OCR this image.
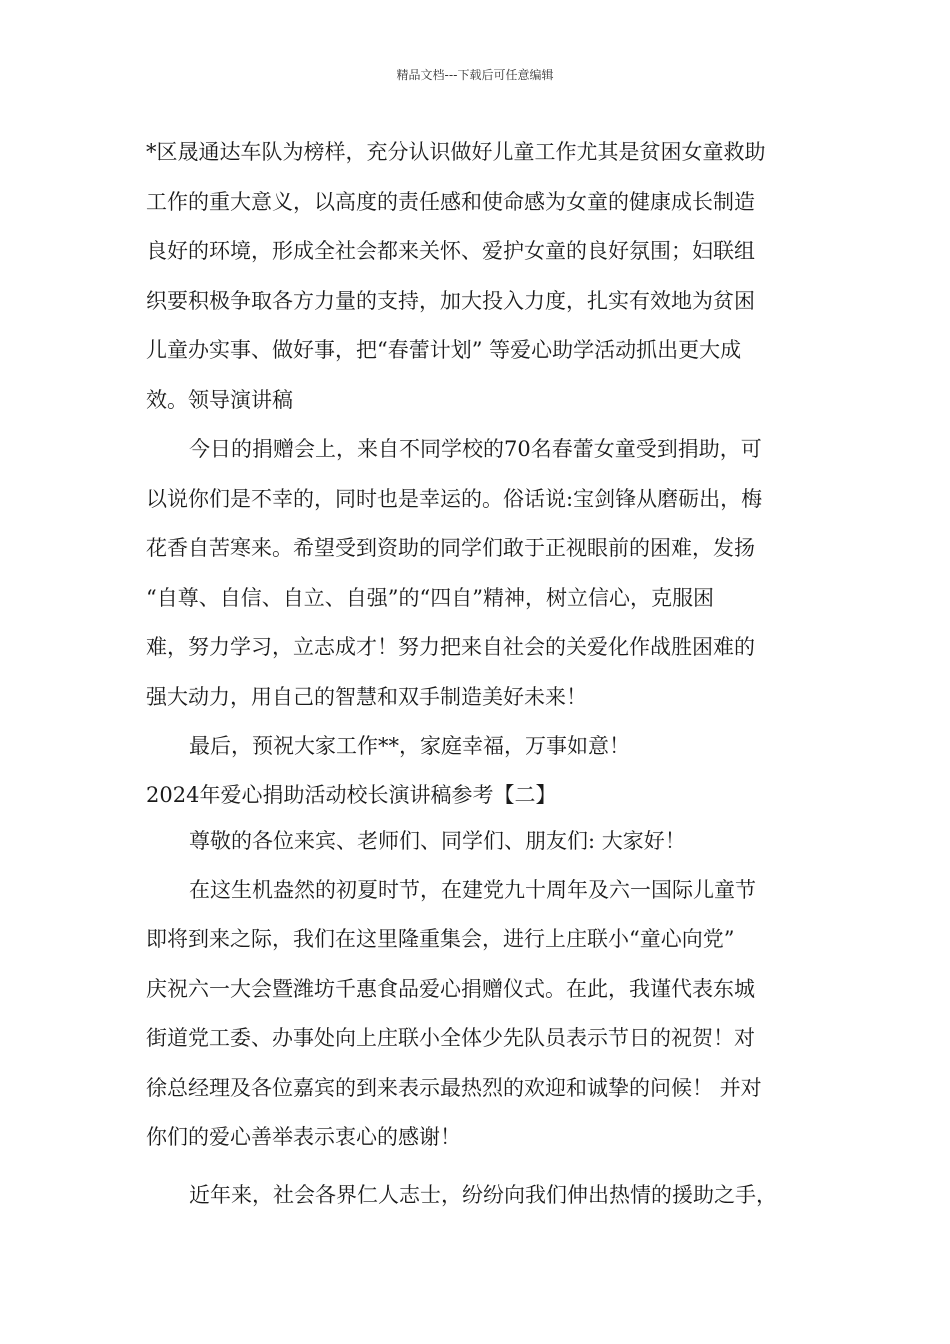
精品文档---下载后可任意编辑
*区晟通达车队为榜样，充分认识做好儿童工作尤其是贫困女童救助
工作的重大意义，以高度的责任感和使命感为女童的健康成长制造
良好的环境，形成全社会都来关怀、爱护女童的良好氛围；妇联组
织要积极争取各方力量的支持，加大投入力度，扎实有效地为贫困
儿童办实事、做好事，把“春蕾计划” 等爱心助学活动抓出更大成
效。领导演讲稿
今日的捐赠会上，来自不同学校的70名春蕾女童受到捐助，可
以说你们是不幸的，同时也是幸运的。俗话说:宝剑锋从磨砺出，梅
花香自苦寒来。希望受到资助的同学们敢于正视眼前的困难，发扬
“自尊、自信、自立、自强”的“四自”精神，树立信心，克服困
难，努力学习，立志成才！努力把来自社会的关爱化作战胜困难的
强大动力，用自己的智慧和双手制造美好未来！
最后，预祝大家工作**，家庭幸福，万事如意！
2024年爱心捐助活动校长演讲稿参考【二】
尊敬的各位来宾、老师们、同学们、朋友们: 大家好！
在这生机盎然的初夏时节，在建党九十周年及六一国际儿童节
即将到来之际，我们在这里隆重集会，进行上庄联小“童心向党”
庆祝六一大会暨潍坊千惠食品爱心捐赠仪式。在此，我谨代表东城
街道党工委、办事处向上庄联小全体少先队员表示节日的祝贺！对
徐总经理及各位嘉宾的到来表示最热烈的欢迎和诚挚的问候！ 并对
你们的爱心善举表示衷心的感谢！
近年来，社会各界仁人志士，纷纷向我们伸出热情的援助之手，
